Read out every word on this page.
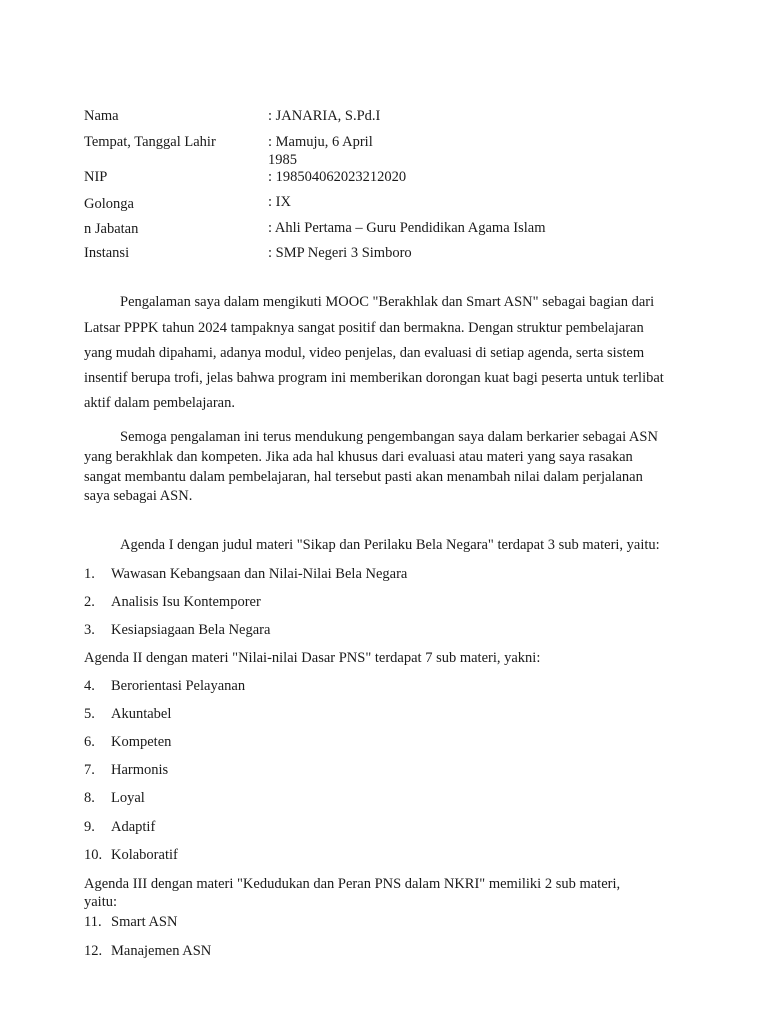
Nama	: JANARIA, S.Pd.I
Tempat, Tanggal Lahir	: Mamuju, 6 April
1985
NIP	: 198504062023212020
Golonga	: IX
n Jabatan	: Ahli Pertama – Guru Pendidikan Agama Islam
Instansi	: SMP Negeri 3 Simboro

Pengalaman saya dalam mengikuti MOOC "Berakhlak dan Smart ASN" sebagai bagian dari

Latsar PPPK tahun 2024 tampaknya sangat positif dan bermakna. Dengan struktur pembelajaran

yang mudah dipahami, adanya modul, video penjelas, dan evaluasi di setiap agenda, serta sistem

insentif berupa trofi, jelas bahwa program ini memberikan dorongan kuat bagi peserta untuk terlibat

aktif dalam pembelajaran.

Semoga pengalaman ini terus mendukung pengembangan saya dalam berkarier sebagai ASN

yang berakhlak dan kompeten. Jika ada hal khusus dari evaluasi atau materi yang saya rasakan

sangat membantu dalam pembelajaran, hal tersebut pasti akan menambah nilai dalam perjalanan

saya sebagai ASN.

Agenda I dengan judul materi "Sikap dan Perilaku Bela Negara" terdapat 3 sub materi, yaitu:
1. Wawasan Kebangsaan dan Nilai-Nilai Bela Negara
2. Analisis Isu Kontemporer
3. Kesiapsiagaan Bela Negara
Agenda II dengan materi "Nilai-nilai Dasar PNS" terdapat 7 sub materi, yakni:
4. Berorientasi Pelayanan
5. Akuntabel
6. Kompeten
7. Harmonis
8. Loyal
9. Adaptif
10. Kolaboratif
Agenda III dengan materi "Kedudukan dan Peran PNS dalam NKRI" memiliki 2 sub materi,
yaitu:
11. Smart ASN
12. Manajemen ASN
